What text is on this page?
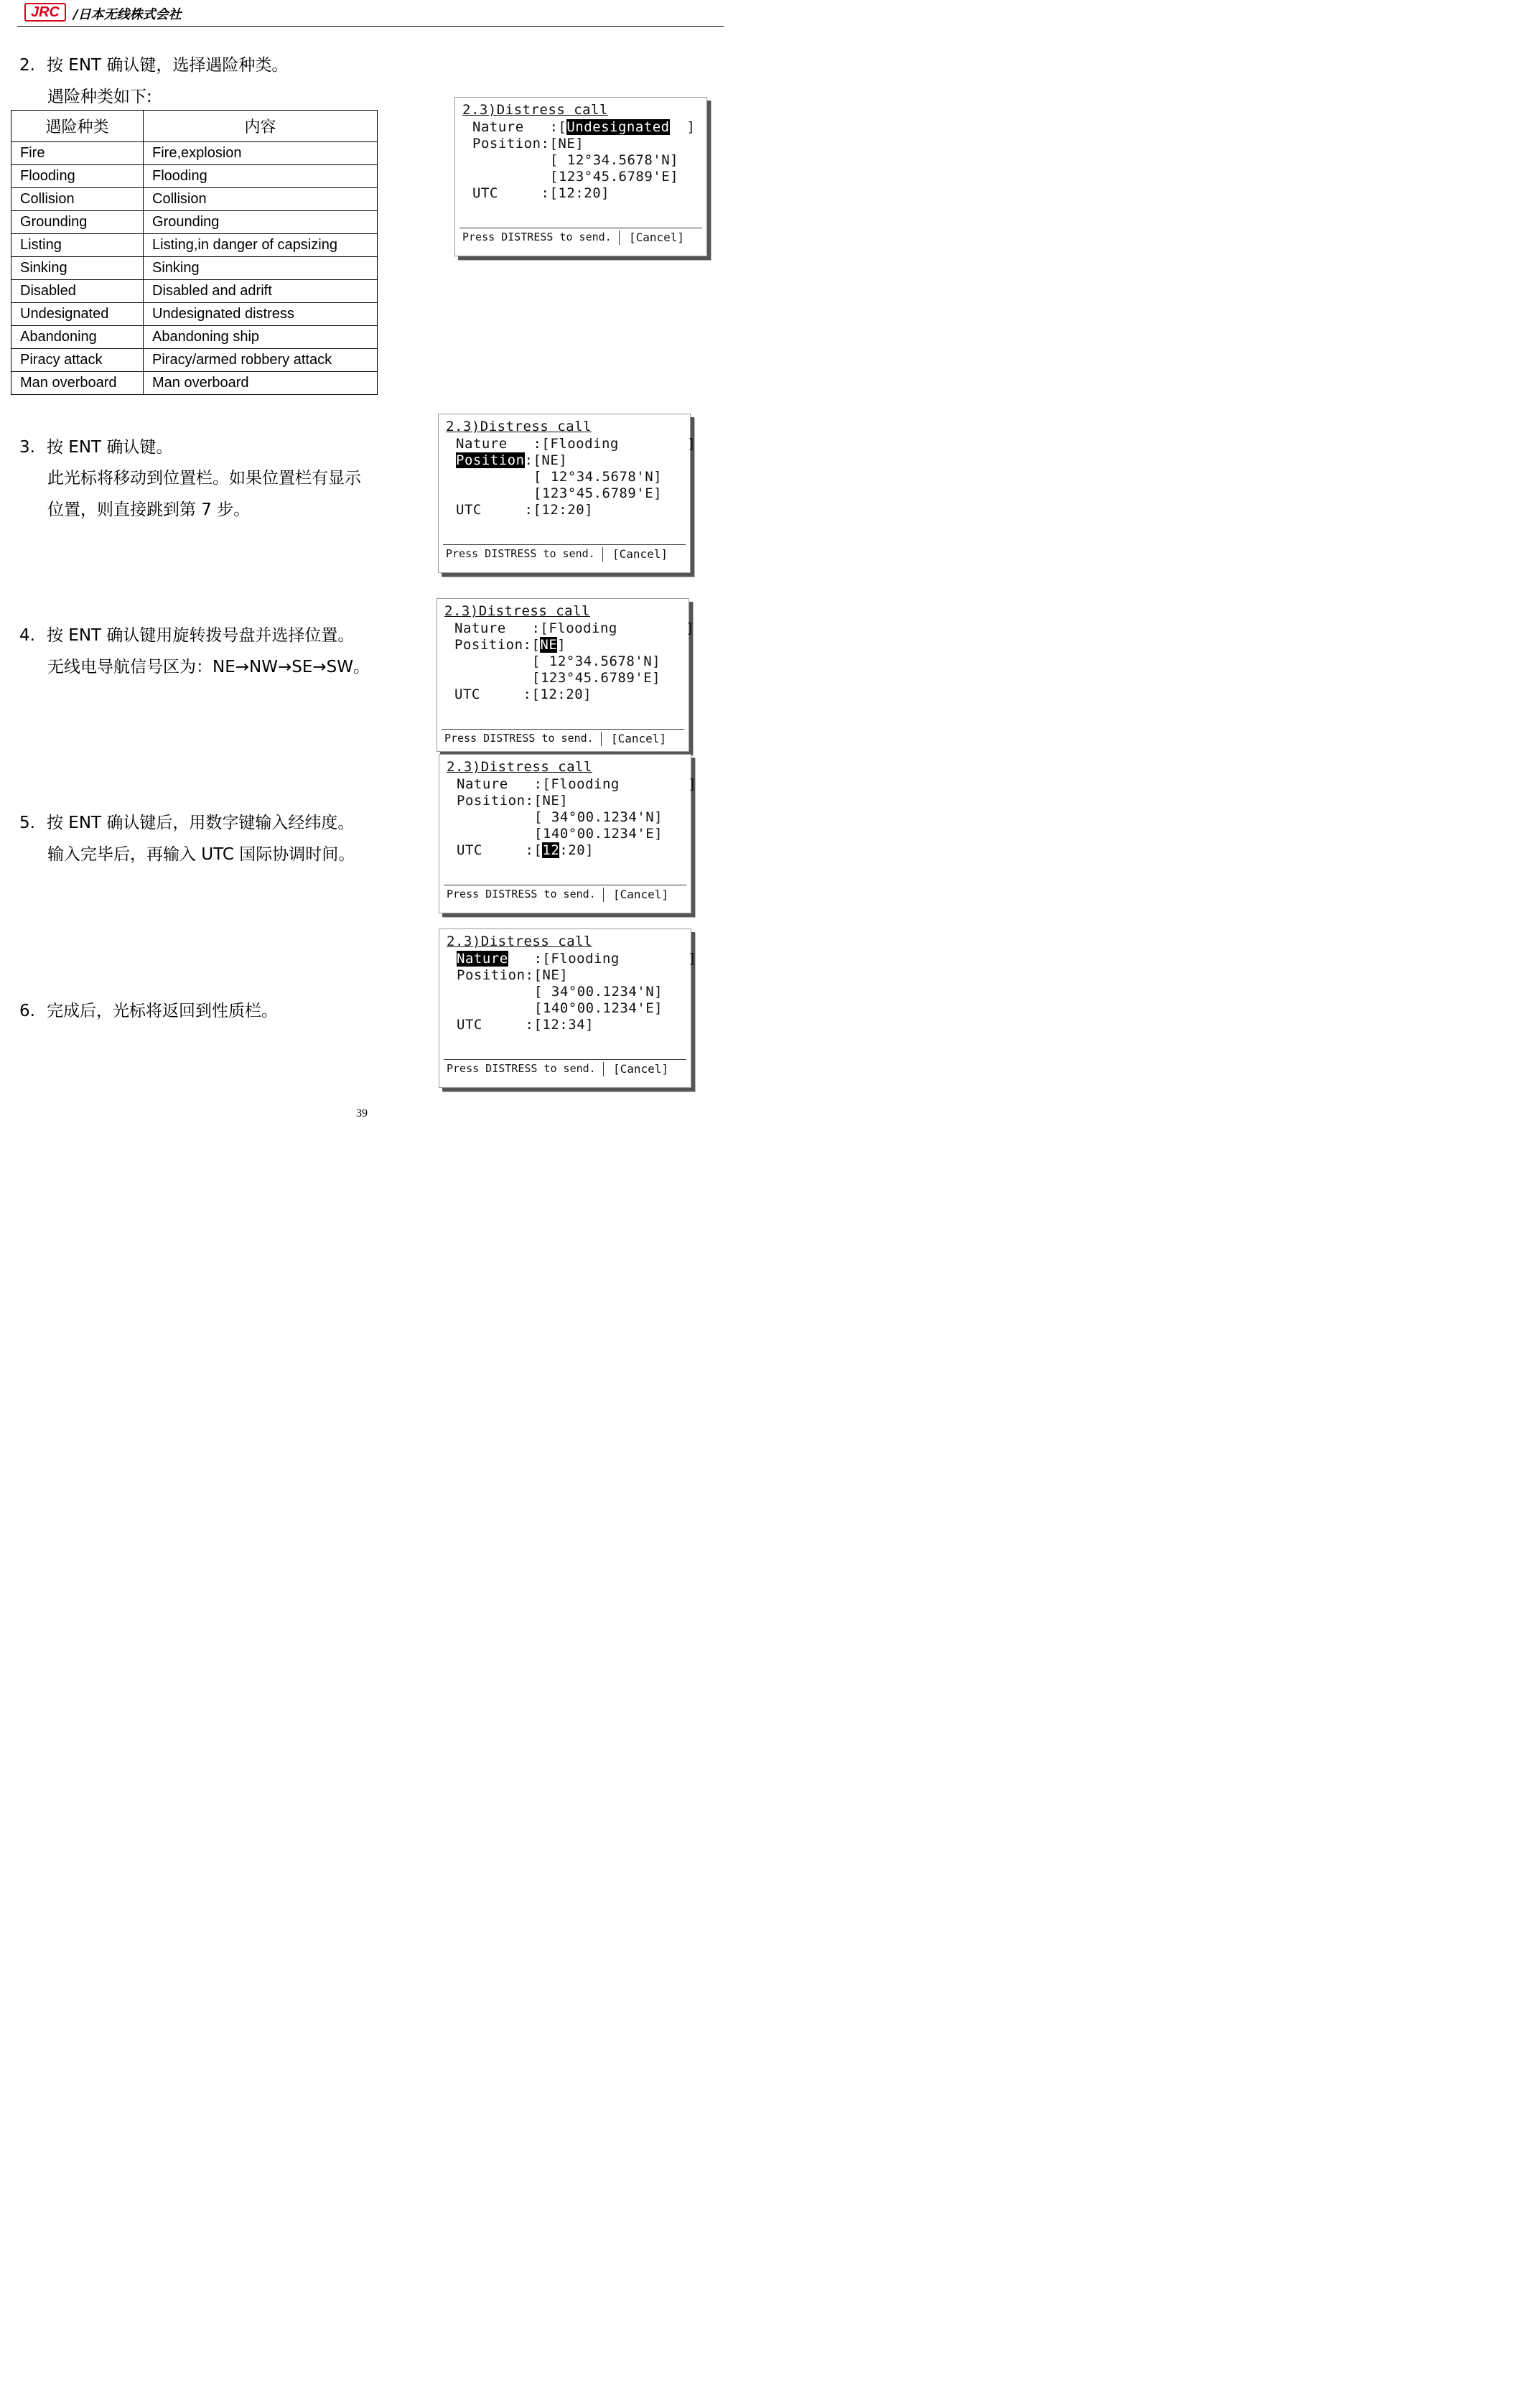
JRC	/日本无线株式会社
2. 按 ENT 确认键，选择遇险种类。
遇险种类如下:
遇险种类	内容
Fire	Fire,explosion
Flooding	Flooding
Collision	Collision
Grounding	Grounding
Listing	Listing,in danger of capsizing
Sinking	Sinking
Disabled	Disabled and adrift
Undesignated	Undesignated distress
Abandoning	Abandoning ship
Piracy attack	Piracy/armed robbery attack
Man overboard	Man overboard
3. 按 ENT 确认键。
此光标将移动到位置栏。如果位置栏有显示
位置，则直接跳到第 7 步。
4. 按 ENT 确认键用旋转拨号盘并选择位置。
无线电导航信号区为：NE→NW→SE→SW。
5. 按 ENT 确认键后，用数字键输入经纬度。
输入完毕后，再输入 UTC 国际协调时间。
6. 完成后，光标将返回到性质栏。
2.3)Distress call
Nature   :[Undesignated  ]
Position:[NE]
[ 12°34.5678'N]
[123°45.6789'E]
UTC     :[12:20]
Press DISTRESS to send. [Cancel]
2.3)Distress call
Nature   :[Flooding        ]
Position:[NE]
[ 12°34.5678'N]
[123°45.6789'E]
UTC     :[12:20]
Press DISTRESS to send. [Cancel]
2.3)Distress call
Nature   :[Flooding        ]
Position:[NE]
[ 12°34.5678'N]
[123°45.6789'E]
UTC     :[12:20]
Press DISTRESS to send. [Cancel]
2.3)Distress call
Nature   :[Flooding        ]
Position:[NE]
[ 34°00.1234'N]
[140°00.1234'E]
UTC     :[12:20]
Press DISTRESS to send. [Cancel]
2.3)Distress call
Nature   :[Flooding        ]
Position:[NE]
[ 34°00.1234'N]
[140°00.1234'E]
UTC     :[12:34]
Press DISTRESS to send. [Cancel]
39
